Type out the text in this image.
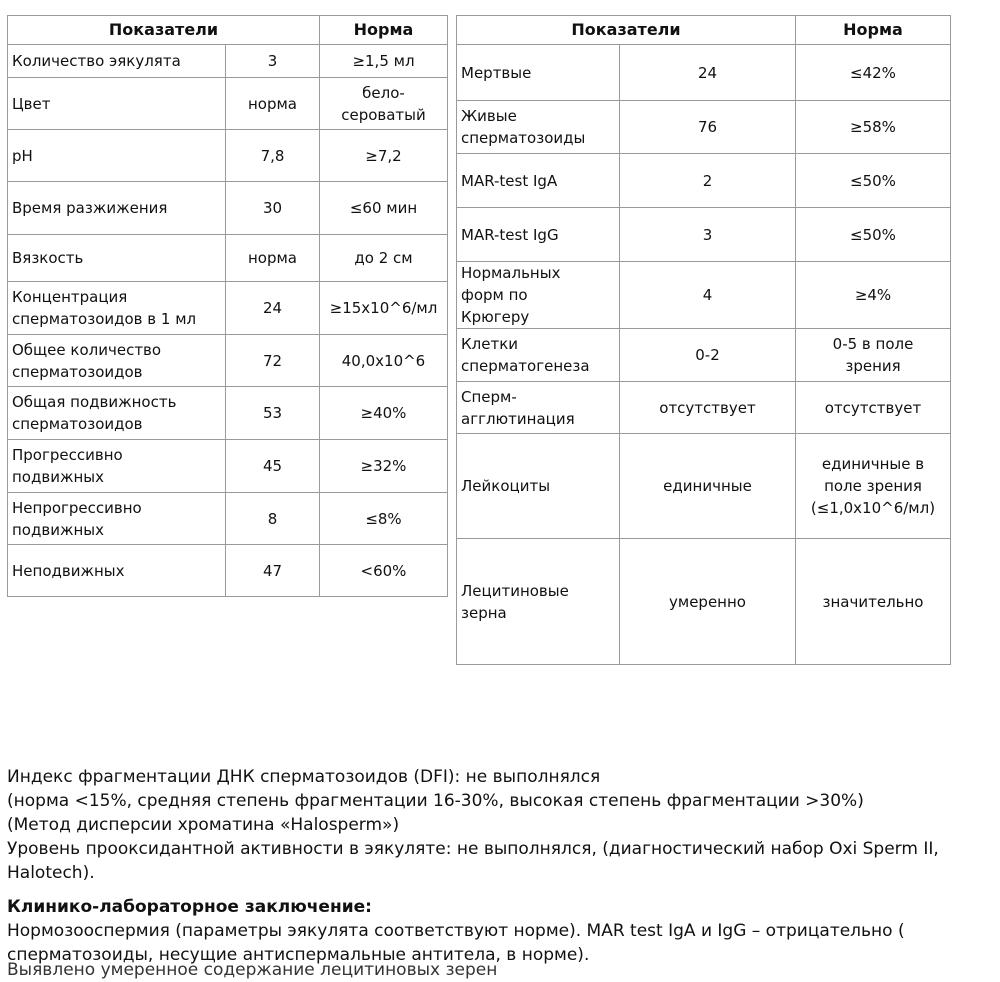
Показатели		Норма
Количество эякулята	3	≥1,5 мл
Цвет	норма	бело-
сероватый
pH	7,8	≥7,2
Время разжижения	30	≤60 мин
Вязкость	норма	до 2 см
Концентрация
сперматозоидов в 1 мл	24	≥15x10^6/мл
Общее количество
сперматозоидов	72	40,0x10^6
Общая подвижность
сперматозоидов	53	≥40%
Прогрессивно
подвижных	45	≥32%
Непрогрессивно
подвижных	8	≤8%
Неподвижных	47	<60%
Показатели		Норма
Мертвые	24	≤42%
Живые
сперматозоиды	76	≥58%
MAR-test IgA	2	≤50%
MAR-test IgG	3	≤50%
Нормальных
форм по
Крюгеру	4	≥4%
Клетки
сперматогенеза	0-2	0-5 в поле
зрения
Сперм-
агглютинация	отсутствует	отсутствует
Лейкоциты	единичные	единичные в
поле зрения
(≤1,0x10^6/мл)
Лецитиновые
зерна	умеренно	значительно

Индекс фрагментации ДНК сперматозоидов (DFI): не выполнялся

(норма <15%, средняя степень фрагментации 16-30%, высокая степень фрагментации >30%)

(Метод дисперсии хроматина «Halosperm»)

Уровень прооксидантной активности в эякуляте: не выполнялся, (диагностический набор Oxi Sperm II, Halotech).

Клинико-лабораторное заключение:

Нормозооспермия (параметры эякулята соответствуют норме). MAR test IgA и IgG – отрицательно ( сперматозоиды, несущие антиспермальные антитела, в норме).

Выявлено умеренное содержание лецитиновых зерен
